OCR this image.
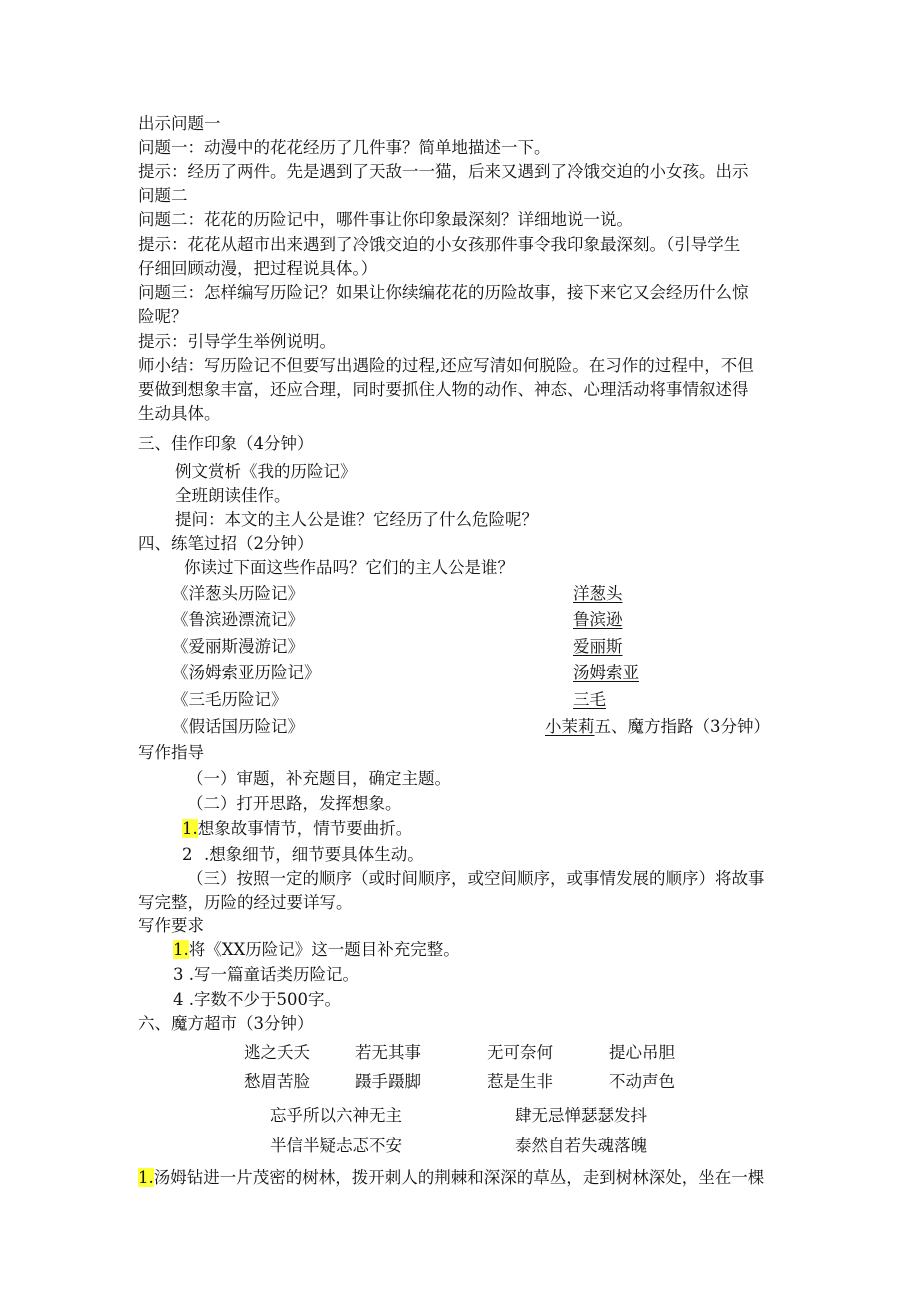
出示问题一
问题一：动漫中的花花经历了几件事？简单地描述一下。
提示：经历了两件。先是遇到了天敌一一猫，后来又遇到了冷饿交迫的小女孩。出示
问题二
问题二：花花的历险记中，哪件事让你印象最深刻？详细地说一说。
提示：花花从超市出来遇到了冷饿交迫的小女孩那件事令我印象最深刻。（引导学生
仔细回顾动漫，把过程说具体。）
问题三：怎样编写历险记？如果让你续编花花的历险故事，接下来它又会经历什么惊
险呢？
提示：引导学生举例说明。
师小结：写历险记不但要写出遇险的过程,还应写清如何脱险。在习作的过程中，不但
要做到想象丰富，还应合理，同时要抓住人物的动作、神态、心理活动将事情叙述得
生动具体。
三、佳作印象（4分钟）
例文赏析《我的历险记》
全班朗读佳作。
提问：本文的主人公是谁？它经历了什么危险呢？
四、练笔过招（2分钟）
你读过下面这些作品吗？它们的主人公是谁？
《洋葱头历险记》	洋葱头
《鲁滨逊漂流记》	鲁滨逊
《爱丽斯漫游记》	爱丽斯
《汤姆索亚历险记》	汤姆索亚
《三毛历险记》	三毛
《假话国历险记》	小茉莉五、魔方指路（3分钟）
写作指导
（一）审题，补充题目，确定主题。
（二）打开思路，发挥想象。
1.想象故事情节，情节要曲折。
2 .想象细节，细节要具体生动。
（三）按照一定的顺序（或时间顺序，或空间顺序，或事情发展的顺序）将故事
写完整，历险的经过要详写。
写作要求
1.将《XX历险记》这一题目补充完整。
3 .写一篇童话类历险记。
4 .字数不少于500字。
六、魔方超市（3分钟）
逃之夭夭	若无其事	无可奈何	提心吊胆
愁眉苦脸	蹑手蹑脚	惹是生非	不动声色
忘乎所以六神无主	肆无忌惮瑟瑟发抖
半信半疑忐忑不安	泰然自若失魂落魄
1.汤姆钻进一片茂密的树林，拨开刺人的荆棘和深深的草丛，走到树林深处，坐在一棵
